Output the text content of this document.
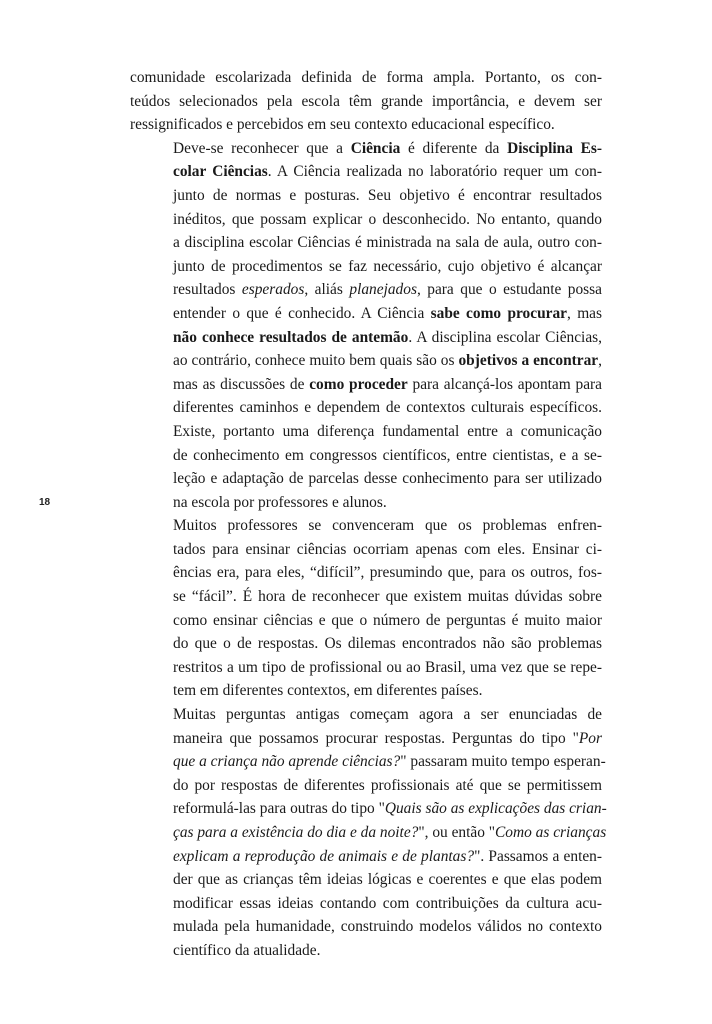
18

comunidade escolarizada definida de forma ampla. Portanto, os con-
teúdos selecionados pela escola têm grande importância, e devem ser
ressignificados e percebidos em seu contexto educacional específico.

Deve-se reconhecer que a Ciência é diferente da Disciplina Es-
colar Ciências. A Ciência realizada no laboratório requer um con-
junto de normas e posturas. Seu objetivo é encontrar resultados
inéditos, que possam explicar o desconhecido. No entanto, quando
a disciplina escolar Ciências é ministrada na sala de aula, outro con-
junto de procedimentos se faz necessário, cujo objetivo é alcançar
resultados esperados, aliás planejados, para que o estudante possa
entender o que é conhecido. A Ciência sabe como procurar, mas
não conhece resultados de antemão. A disciplina escolar Ciências,
ao contrário, conhece muito bem quais são os objetivos a encontrar,
mas as discussões de como proceder para alcançá-los apontam para
diferentes caminhos e dependem de contextos culturais específicos.
Existe, portanto uma diferença fundamental entre a comunicação
de conhecimento em congressos científicos, entre cientistas, e a se-
leção e adaptação de parcelas desse conhecimento para ser utilizado
na escola por professores e alunos.

Muitos professores se convenceram que os problemas enfren-
tados para ensinar ciências ocorriam apenas com eles. Ensinar ci-
ências era, para eles, “difícil”, presumindo que, para os outros, fos-
se “fácil”. É hora de reconhecer que existem muitas dúvidas sobre
como ensinar ciências e que o número de perguntas é muito maior
do que o de respostas. Os dilemas encontrados não são problemas
restritos a um tipo de profissional ou ao Brasil, uma vez que se repe-
tem em diferentes contextos, em diferentes países.

Muitas perguntas antigas começam agora a ser enunciadas de
maneira que possamos procurar respostas. Perguntas do tipo "Por
que a criança não aprende ciências?" passaram muito tempo esperan-
do por respostas de diferentes profissionais até que se permitissem
reformulá-las para outras do tipo "Quais são as explicações das crian-
ças para a existência do dia e da noite?", ou então "Como as crianças
explicam a reprodução de animais e de plantas?". Passamos a enten-
der que as crianças têm ideias lógicas e coerentes e que elas podem
modificar essas ideias contando com contribuições da cultura acu-
mulada pela humanidade, construindo modelos válidos no contexto
científico da atualidade.
